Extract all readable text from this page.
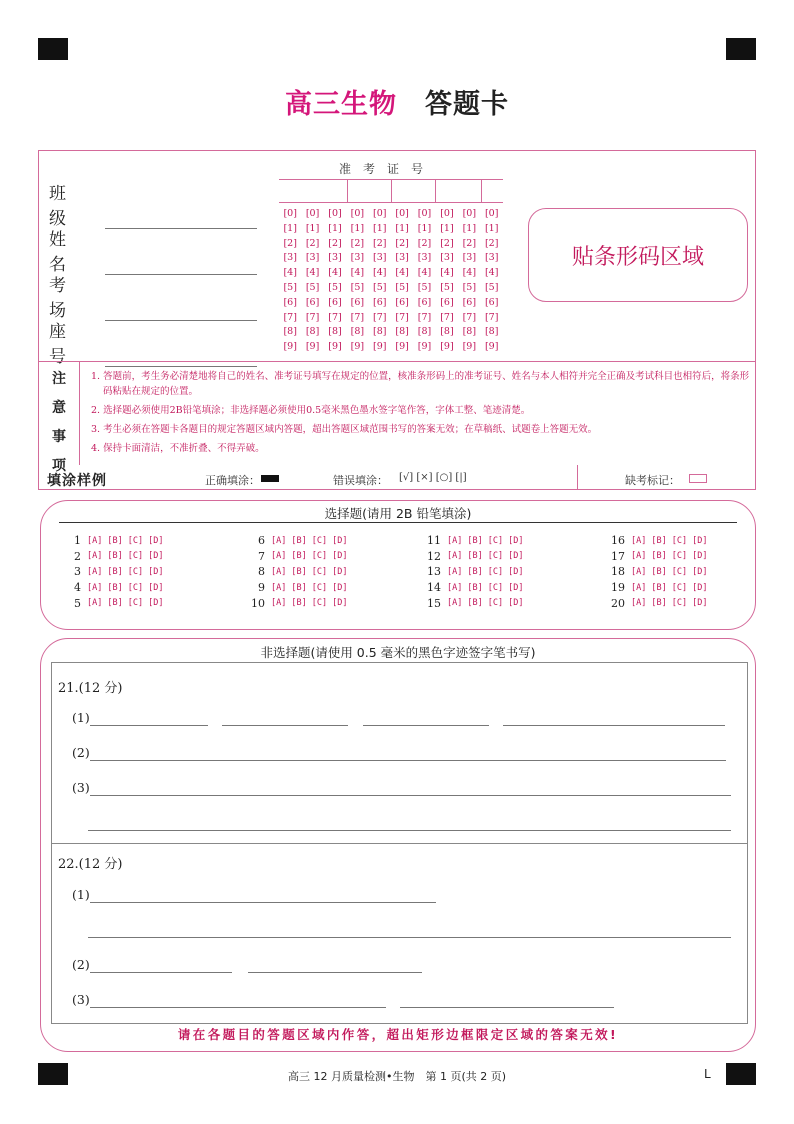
高三生物 答题卡
班级
姓名
考场
座号
准考证号
[0] [0] [0] [0] [0] [0] [0] [0] [0] [0]
[1] [1] [1] [1] [1] [1] [1] [1] [1] [1]
[2] [2] [2] [2] [2] [2] [2] [2] [2] [2]
[3] [3] [3] [3] [3] [3] [3] [3] [3] [3]
[4] [4] [4] [4] [4] [4] [4] [4] [4] [4]
[5] [5] [5] [5] [5] [5] [5] [5] [5] [5]
[6] [6] [6] [6] [6] [6] [6] [6] [6] [6]
[7] [7] [7] [7] [7] [7] [7] [7] [7] [7]
[8] [8] [8] [8] [8] [8] [8] [8] [8] [8]
[9] [9] [9] [9] [9] [9] [9] [9] [9] [9]
贴条形码区域
注
意
事
项
1. 答题前，考生务必清楚地将自己的姓名、准考证号填写在规定的位置，核准条形码上的准考证号、姓名与本人相符并完全正确及考试科目也相符后，将条形码粘贴在规定的位置。
2. 选择题必须使用2B铅笔填涂；非选择题必须使用0.5毫米黑色墨水签字笔作答，字体工整、笔迹清楚。
3. 考生必须在答题卡各题目的规定答题区域内答题，超出答题区域范围书写的答案无效；在草稿纸、试题卷上答题无效。
4. 保持卡面清洁，不准折叠、不得弄破。
填涂样例	正确填涂：	错误填涂： [√] [×] [○] [|]	缺考标记：
选择题(请用 2B 铅笔填涂)
1 [A] [B] [C] [D]
2 [A] [B] [C] [D]
3 [A] [B] [C] [D]
4 [A] [B] [C] [D]
5 [A] [B] [C] [D]
6 [A] [B] [C] [D]
7 [A] [B] [C] [D]
8 [A] [B] [C] [D]
9 [A] [B] [C] [D]
10 [A] [B] [C] [D]
11 [A] [B] [C] [D]
12 [A] [B] [C] [D]
13 [A] [B] [C] [D]
14 [A] [B] [C] [D]
15 [A] [B] [C] [D]
16 [A] [B] [C] [D]
17 [A] [B] [C] [D]
18 [A] [B] [C] [D]
19 [A] [B] [C] [D]
20 [A] [B] [C] [D]
非选择题(请使用 0.5 毫米的黑色字迹签字笔书写)
21.(12 分)
(1)
(2)
(3)
22.(12 分)
(1)
(2)
(3)
请在各题目的答题区域内作答，超出矩形边框限定区域的答案无效!
高三 12 月质量检测•生物　第 1 页(共 2 页)	L
